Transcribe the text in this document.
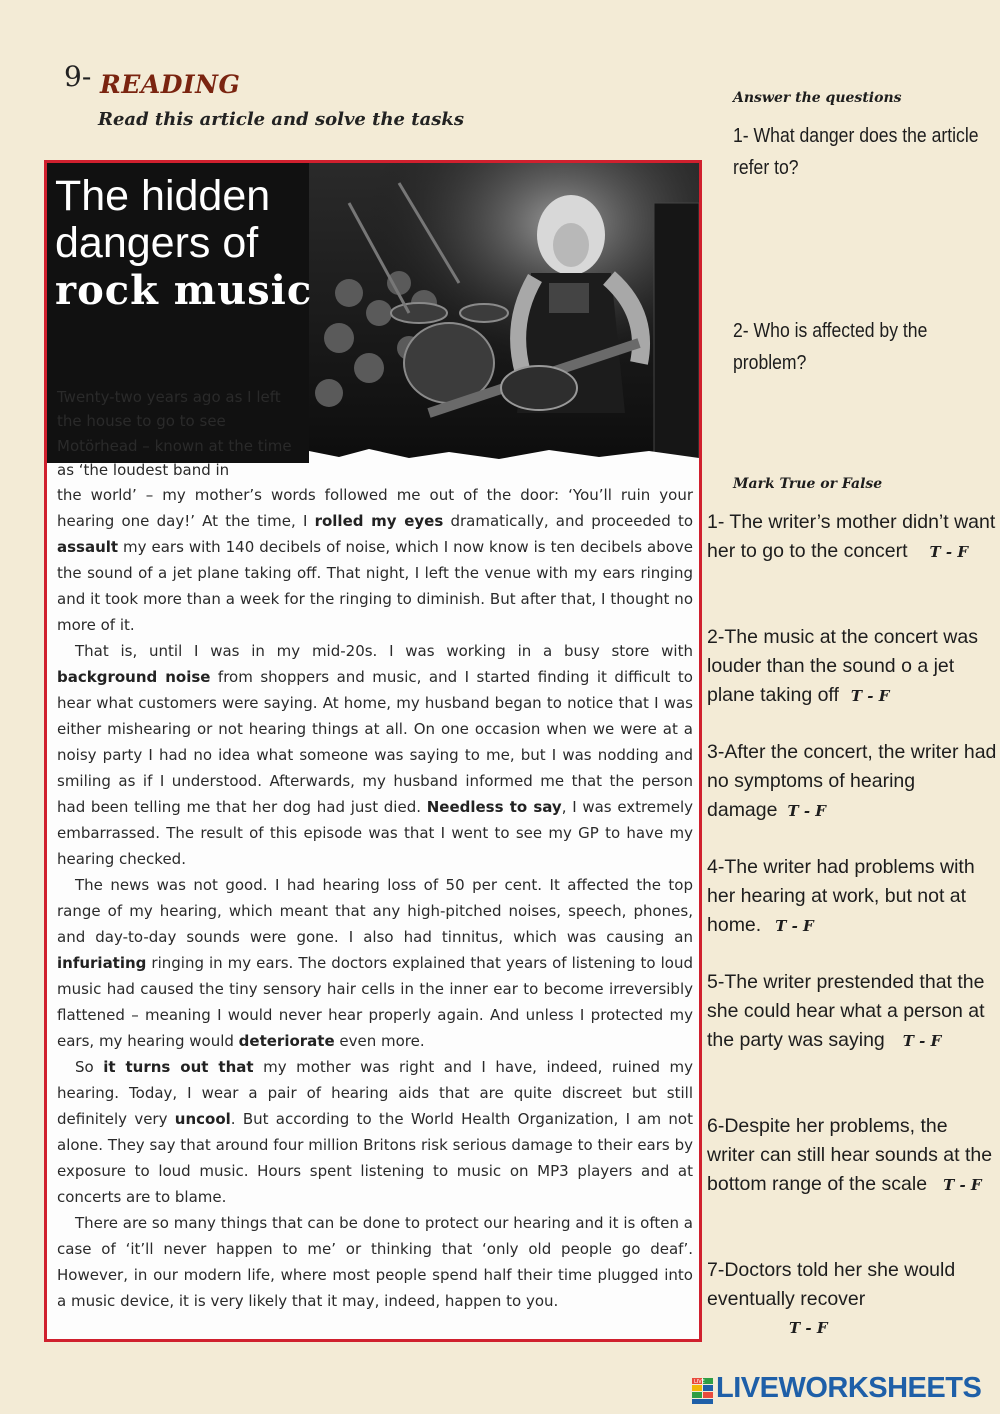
9- READING
Read this article and solve the tasks
The hidden
dangers of
rock music

Twenty-two years ago as I left the house to go to see Motörhead – known at the time as ‘the loudest band in

the world’ – my mother’s words followed me out of the door: ‘You’ll ruin your hearing one day!’ At the time, I rolled my eyes dramatically, and proceeded to assault my ears with 140 decibels of noise, which I now know is ten decibels above the sound of a jet plane taking off. That night, I left the venue with my ears ringing and it took more than a week for the ringing to diminish. But after that, I thought no more of it.

That is, until I was in my mid-20s. I was working in a busy store with background noise from shoppers and music, and I started finding it difficult to hear what customers were saying. At home, my husband began to notice that I was either mishearing or not hearing things at all. On one occasion when we were at a noisy party I had no idea what someone was saying to me, but I was nodding and smiling as if I understood. Afterwards, my husband informed me that the person had been telling me that her dog had just died. Needless to say, I was extremely embarrassed. The result of this episode was that I went to see my GP to have my hearing checked.

The news was not good. I had hearing loss of 50 per cent. It affected the top range of my hearing, which meant that any high-pitched noises, speech, phones, and day-to-day sounds were gone. I also had tinnitus, which was causing an infuriating ringing in my ears. The doctors explained that years of listening to loud music had caused the tiny sensory hair cells in the inner ear to become irreversibly flattened – meaning I would never hear properly again. And unless I protected my ears, my hearing would deteriorate even more.

So it turns out that my mother was right and I have, indeed, ruined my hearing. Today, I wear a pair of hearing aids that are quite discreet but still definitely very uncool. But according to the World Health Organization, I am not alone. They say that around four million Britons risk serious damage to their ears by exposure to loud music. Hours spent listening to music on MP3 players and at concerts are to blame.

There are so many things that can be done to protect our hearing and it is often a case of ‘it’ll never happen to me’ or thinking that ‘only old people go deaf’. However, in our modern life, where most people spend half their time plugged into a music device, it is very likely that it may, indeed, happen to you.

Answer the questions
1- What danger does the article refer to?
2- Who is affected by the problem?
Mark True or False
1- The writer’s mother didn’t want her to go to the concert T - F
2-The music at the concert was louder than the sound o a jet plane taking off T - F
3-After the concert, the writer had no symptoms of hearing damage T - F
4-The writer had problems with her hearing at work, but not at home. T - F
5-The writer prestended that the she could hear what a person at the party was saying T - F
6-Despite her problems, the writer can still hear sounds at the bottom range of the scale T - F
7-Doctors told her she would eventually recover
T - F
LIVE LIVEWORKSHEETS
